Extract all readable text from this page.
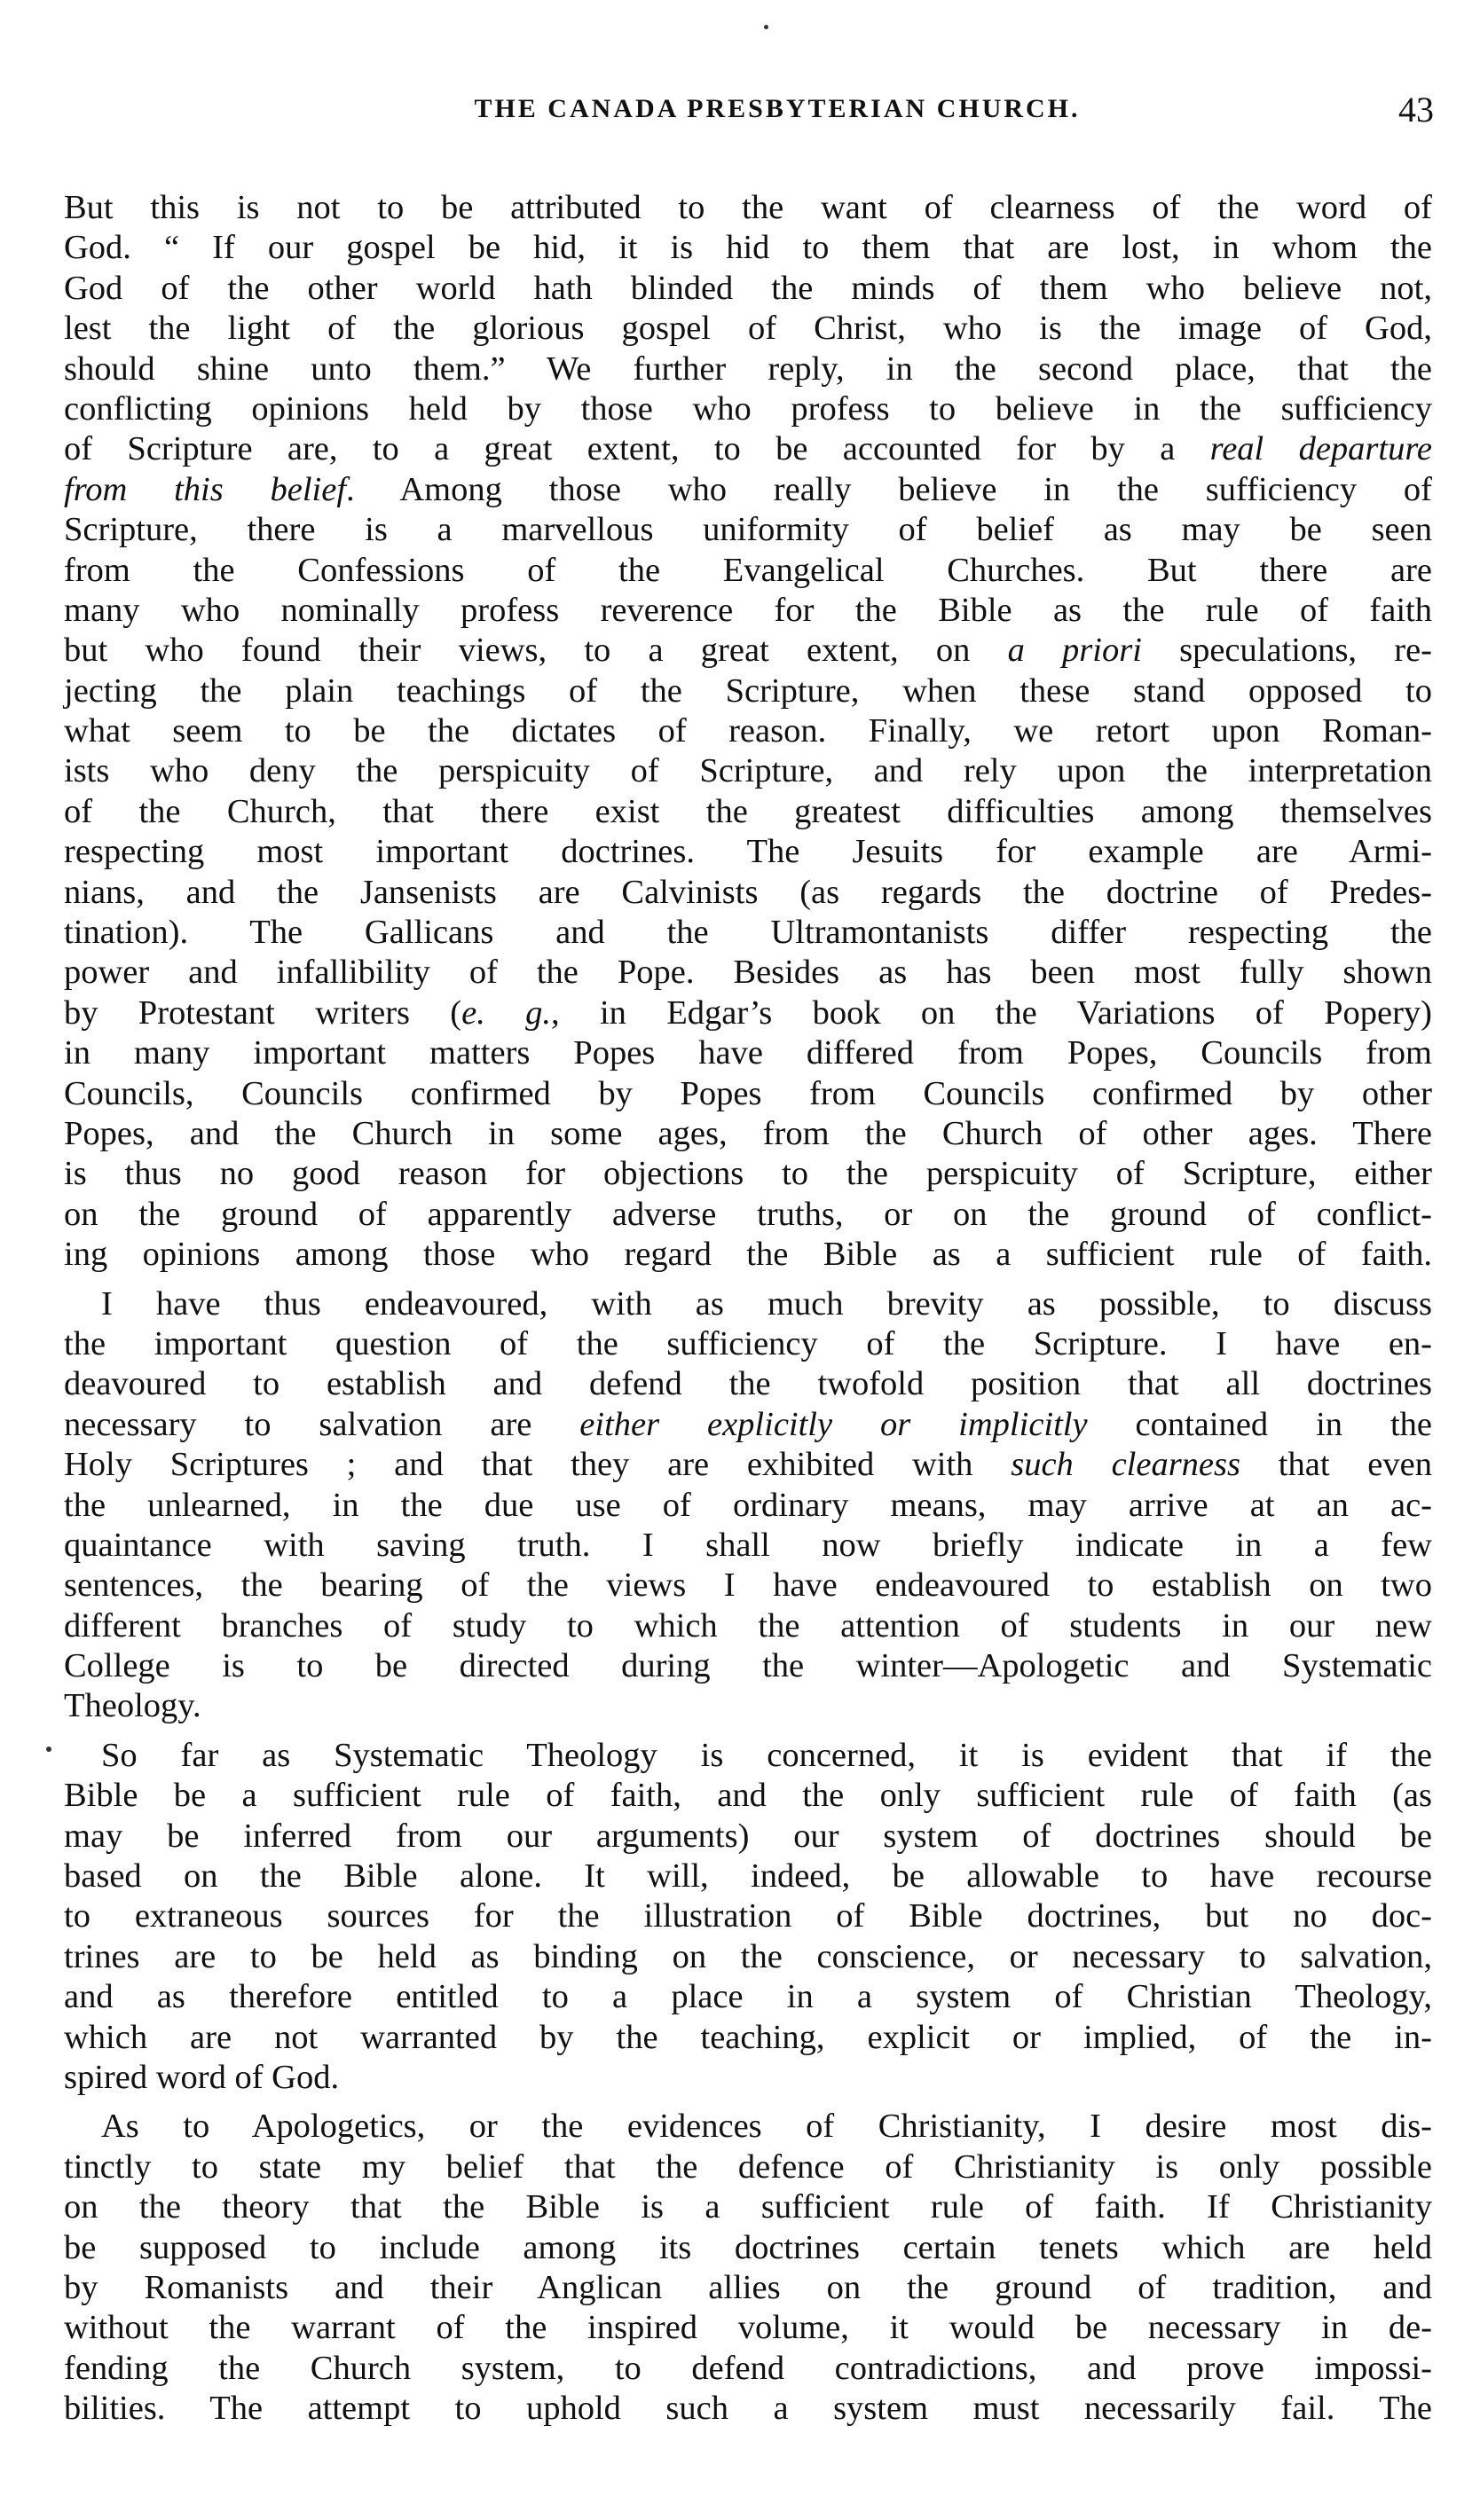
THE CANADA PRESBYTERIAN CHURCH.	43
But this is not to be attributed to the want of clearness of the word of
God. “ If our gospel be hid, it is hid to them that are lost, in whom the
God of the other world hath blinded the minds of them who believe not,
lest the light of the glorious gospel of Christ, who is the image of God,
should shine unto them.” We further reply, in the second place, that the
conflicting opinions held by those who profess to believe in the sufficiency
of Scripture are, to a great extent, to be accounted for by a real departure
from this belief. Among those who really believe in the sufficiency of
Scripture, there is a marvellous uniformity of belief as may be seen
from the Confessions of the Evangelical Churches. But there are
many who nominally profess reverence for the Bible as the rule of faith
but who found their views, to a great extent, on a priori speculations, re-
jecting the plain teachings of the Scripture, when these stand opposed to
what seem to be the dictates of reason. Finally, we retort upon Roman-
ists who deny the perspicuity of Scripture, and rely upon the interpretation
of the Church, that there exist the greatest difficulties among themselves
respecting most important doctrines. The Jesuits for example are Armi-
nians, and the Jansenists are Calvinists (as regards the doctrine of Predes-
tination). The Gallicans and the Ultramontanists differ respecting the
power and infallibility of the Pope. Besides as has been most fully shown
by Protestant writers (e. g., in Edgar’s book on the Variations of Popery)
in many important matters Popes have differed from Popes, Councils from
Councils, Councils confirmed by Popes from Councils confirmed by other
Popes, and the Church in some ages, from the Church of other ages. There
is thus no good reason for objections to the perspicuity of Scripture, either
on the ground of apparently adverse truths, or on the ground of conflict-
ing opinions among those who regard the Bible as a sufficient rule of faith.
I have thus endeavoured, with as much brevity as possible, to discuss
the important question of the sufficiency of the Scripture. I have en-
deavoured to establish and defend the twofold position that all doctrines
necessary to salvation are either explicitly or implicitly contained in the
Holy Scriptures ; and that they are exhibited with such clearness that even
the unlearned, in the due use of ordinary means, may arrive at an ac-
quaintance with saving truth. I shall now briefly indicate in a few
sentences, the bearing of the views I have endeavoured to establish on two
different branches of study to which the attention of students in our new
College is to be directed during the winter—Apologetic and Systematic
Theology.
So far as Systematic Theology is concerned, it is evident that if the
Bible be a sufficient rule of faith, and the only sufficient rule of faith (as
may be inferred from our arguments) our system of doctrines should be
based on the Bible alone. It will, indeed, be allowable to have recourse
to extraneous sources for the illustration of Bible doctrines, but no doc-
trines are to be held as binding on the conscience, or necessary to salvation,
and as therefore entitled to a place in a system of Christian Theology,
which are not warranted by the teaching, explicit or implied, of the in-
spired word of God.
As to Apologetics, or the evidences of Christianity, I desire most dis-
tinctly to state my belief that the defence of Christianity is only possible
on the theory that the Bible is a sufficient rule of faith. If Christianity
be supposed to include among its doctrines certain tenets which are held
by Romanists and their Anglican allies on the ground of tradition, and
without the warrant of the inspired volume, it would be necessary in de-
fending the Church system, to defend contradictions, and prove impossi-
bilities. The attempt to uphold such a system must necessarily fail. The
